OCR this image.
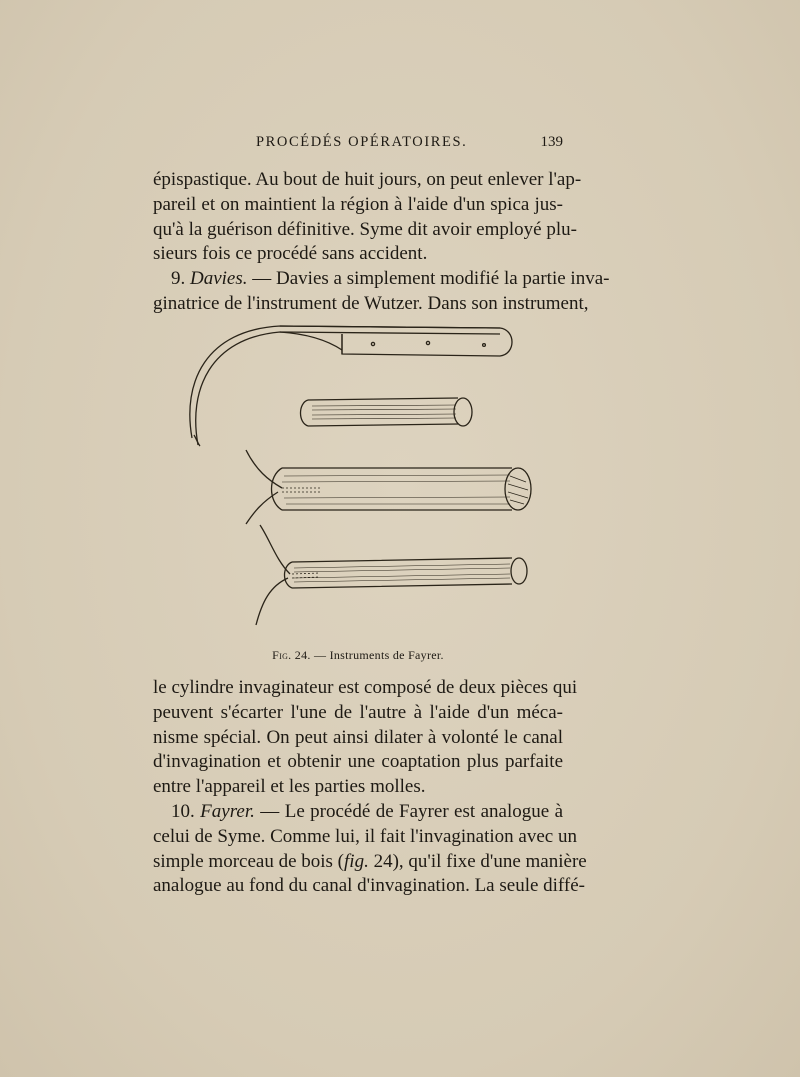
PROCÉDÉS OPÉRATOIRES.	139
épispastique. Au bout de huit jours, on peut enlever l'ap-
pareil et on maintient la région à l'aide d'un spica jus-
qu'à la guérison définitive. Syme dit avoir employé plu-
sieurs fois ce procédé sans accident.
9. Davies. — Davies a simplement modifié la partie inva-
ginatrice de l'instrument de Wutzer. Dans son instrument,
Fig. 24. — Instruments de Fayrer.
le cylindre invaginateur est composé de deux pièces qui
peuvent s'écarter l'une de l'autre à l'aide d'un méca-
nisme spécial. On peut ainsi dilater à volonté le canal
d'invagination et obtenir une coaptation plus parfaite
entre l'appareil et les parties molles.
10. Fayrer. — Le procédé de Fayrer est analogue à
celui de Syme. Comme lui, il fait l'invagination avec un
simple morceau de bois (fig. 24), qu'il fixe d'une manière
analogue au fond du canal d'invagination. La seule diffé-
